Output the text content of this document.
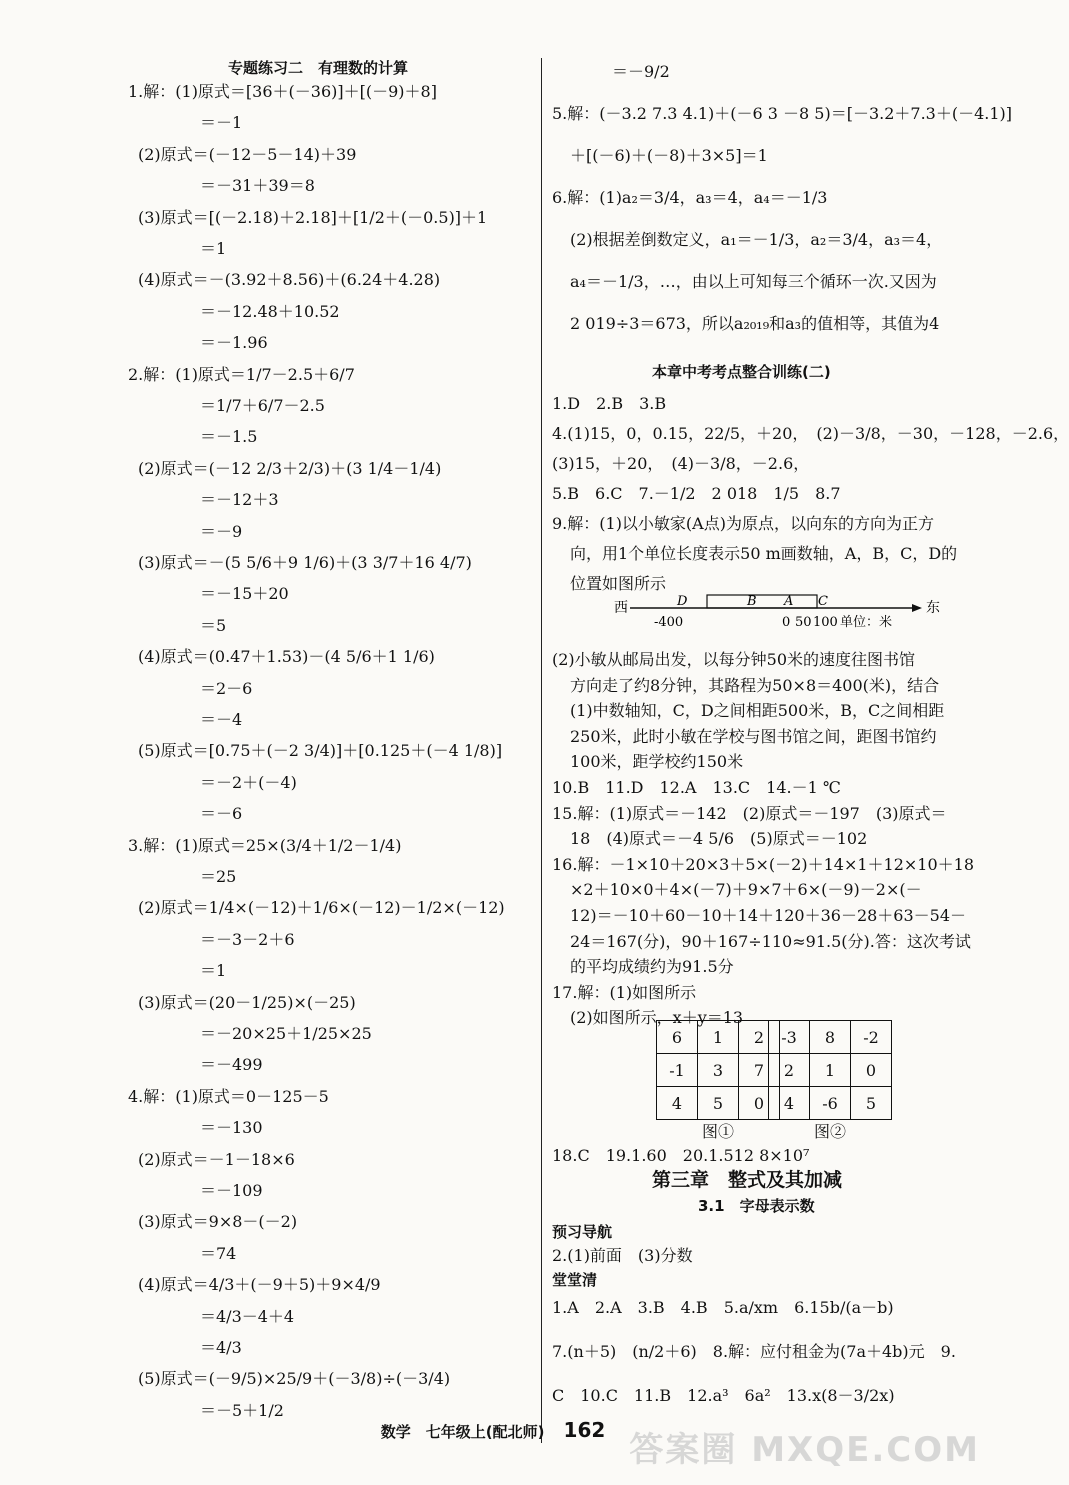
专题练习二　有理数的计算
1.解：(1)原式＝[36＋(－36)]＋[(－9)＋8]
＝－1
(2)原式＝(－12－5－14)＋39
＝－31＋39＝8
(3)原式＝[(－2.18)＋2.18]＋[1/2＋(－0.5)]＋1
＝1
(4)原式＝－(3.92＋8.56)＋(6.24＋4.28)
＝－12.48＋10.52
＝－1.96
2.解：(1)原式＝1/7－2.5＋6/7
＝1/7＋6/7－2.5
＝－1.5
(2)原式＝(－12 2/3＋2/3)＋(3 1/4－1/4)
＝－12＋3
＝－9
(3)原式＝－(5 5/6＋9 1/6)＋(3 3/7＋16 4/7)
＝－15＋20
＝5
(4)原式＝(0.47＋1.53)－(4 5/6＋1 1/6)
＝2－6
＝－4
(5)原式＝[0.75＋(－2 3/4)]＋[0.125＋(－4 1/8)]
＝－2＋(－4)
＝－6
3.解：(1)原式＝25×(3/4＋1/2－1/4)
＝25
(2)原式＝1/4×(－12)＋1/6×(－12)－1/2×(－12)
＝－3－2＋6
＝1
(3)原式＝(20－1/25)×(－25)
＝－20×25＋1/25×25
＝－499
4.解：(1)原式＝0－125－5
＝－130
(2)原式＝－1－18×6
＝－109
(3)原式＝9×8－(－2)
＝74
(4)原式＝4/3＋(－9＋5)＋9×4/9
＝4/3－4＋4
＝4/3
(5)原式＝(－9/5)×25/9＋(－3/8)÷(－3/4)
＝－5＋1/2
＝－9/2
5.解：(－3.2 7.3 4.1)＋(－6 3 －8 5)＝[－3.2＋7.3＋(－4.1)]
＋[(－6)＋(－8)＋3×5]＝1
6.解：(1)a₂＝3/4，a₃＝4，a₄＝－1/3
(2)根据差倒数定义，a₁＝－1/3，a₂＝3/4，a₃＝4，
a₄＝－1/3，…，由以上可知每三个循环一次.又因为
2 019÷3＝673，所以a₂₀₁₉和a₃的值相等，其值为4
本章中考考点整合训练(二)
1.D　2.B　3.B
4.(1)15，0，0.15，22/5，＋20，　(2)－3/8，－30，－128，－2.6，
(3)15，＋20，　(4)－3/8，－2.6，
5.B　6.C　7.－1/2　2 018　1/5　8.7
9.解：(1)以小敏家(A点)为原点，以向东的方向为正方
向，用1个单位长度表示50 m画数轴，A，B，C，D的
位置如图所示
西	D	B A C
-400	0 50 100 单位：米
东
(2)小敏从邮局出发，以每分钟50米的速度往图书馆
方向走了约8分钟，其路程为50×8＝400(米)，结合
(1)中数轴知，C，D之间相距500米，B，C之间相距
250米，此时小敏在学校与图书馆之间，距图书馆约
100米，距学校约150米
10.B　11.D　12.A　13.C　14.－1 ℃
15.解：(1)原式＝－142　(2)原式＝－197　(3)原式＝
18　(4)原式＝－4 5/6　(5)原式＝－102
16.解：－1×10＋20×3＋5×(－2)＋14×1＋12×10＋18
×2＋10×0＋4×(－7)＋9×7＋6×(－9)－2×(－
12)＝－10＋60－10＋14＋120＋36－28＋63－54－
24＝167(分)，90＋167÷110≈91.5(分).答：这次考试
的平均成绩约为91.5分
17.解：(1)如图所示
(2)如图所示，x＋y＝13
6	1	2
-1	3	7
4	5	0
图①
-3	8	-2
2	1	0
4	-6	5
图②
18.C　19.1.60　20.1.512 8×10⁷
第三章　整式及其加减
3.1　字母表示数
预习导航
2.(1)前面　(3)分数
堂堂清
1.A　2.A　3.B　4.B　5.a/xm　6.15b/(a－b)
7.(n＋5)　(n/2＋6)　8.解：应付租金为(7a＋4b)元　9.
C　10.C　11.B　12.a³　6a²　13.x(8－3/2x)
数学　七年级上(配北师) 162 答案圈 MXQE.COM
